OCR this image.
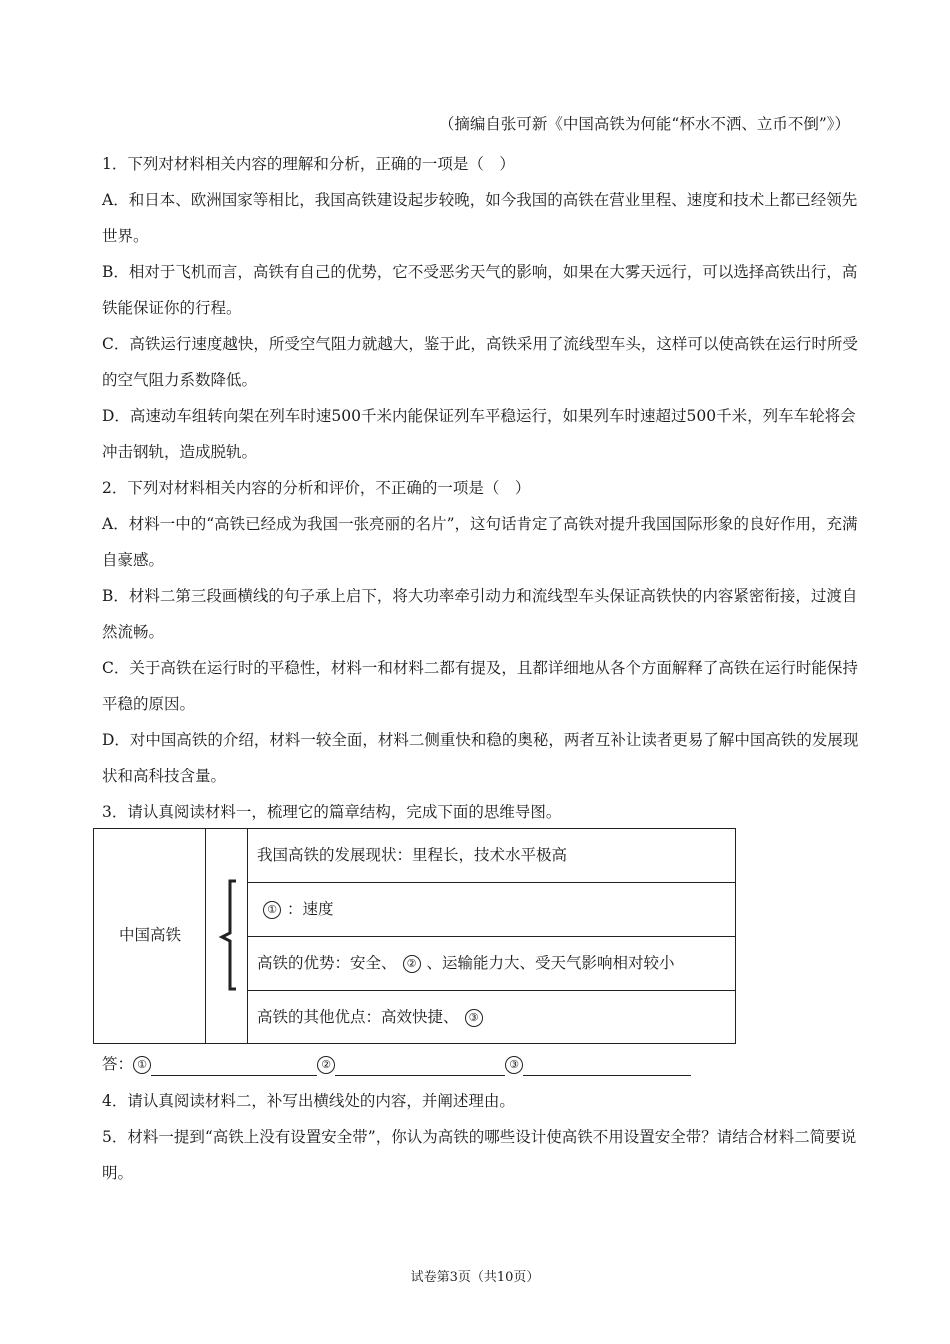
（摘编自张可新《中国高铁为何能“杯水不洒、立币不倒”》）

1．下列对材料相关内容的理解和分析，正确的一项是（　）

A．和日本、欧洲国家等相比，我国高铁建设起步较晚，如今我国的高铁在营业里程、速度和技术上都已经领先世界。

B．相对于飞机而言，高铁有自己的优势，它不受恶劣天气的影响，如果在大雾天远行，可以选择高铁出行，高铁能保证你的行程。

C．高铁运行速度越快，所受空气阻力就越大，鉴于此，高铁采用了流线型车头，这样可以使高铁在运行时所受的空气阻力系数降低。

D．高速动车组转向架在列车时速500千米内能保证列车平稳运行，如果列车时速超过500千米，列车车轮将会冲击钢轨，造成脱轨。

2．下列对材料相关内容的分析和评价，不正确的一项是（　）

A．材料一中的“高铁已经成为我国一张亮丽的名片”，这句话肯定了高铁对提升我国国际形象的良好作用，充满自豪感。

B．材料二第三段画横线的句子承上启下，将大功率牵引动力和流线型车头保证高铁快的内容紧密衔接，过渡自然流畅。

C．关于高铁在运行时的平稳性，材料一和材料二都有提及，且都详细地从各个方面解释了高铁在运行时能保持平稳的原因。

D．对中国高铁的介绍，材料一较全面，材料二侧重快和稳的奥秘，两者互补让读者更易了解中国高铁的发展现状和高科技含量。

3．请认真阅读材料一，梳理它的篇章结构，完成下面的思维导图。

中国高铁
我国高铁的发展现状：里程长，技术水平极高
① ：速度
高铁的优势：安全、 ② 、运输能力大、受天气影响相对较小
高铁的其他优点：高效快捷、 ③
答： ①	②	③

4．请认真阅读材料二，补写出横线处的内容，并阐述理由。

5．材料一提到“高铁上没有设置安全带”，你认为高铁的哪些设计使高铁不用设置安全带？请结合材料二简要说明。

试卷第3页（共10页）
